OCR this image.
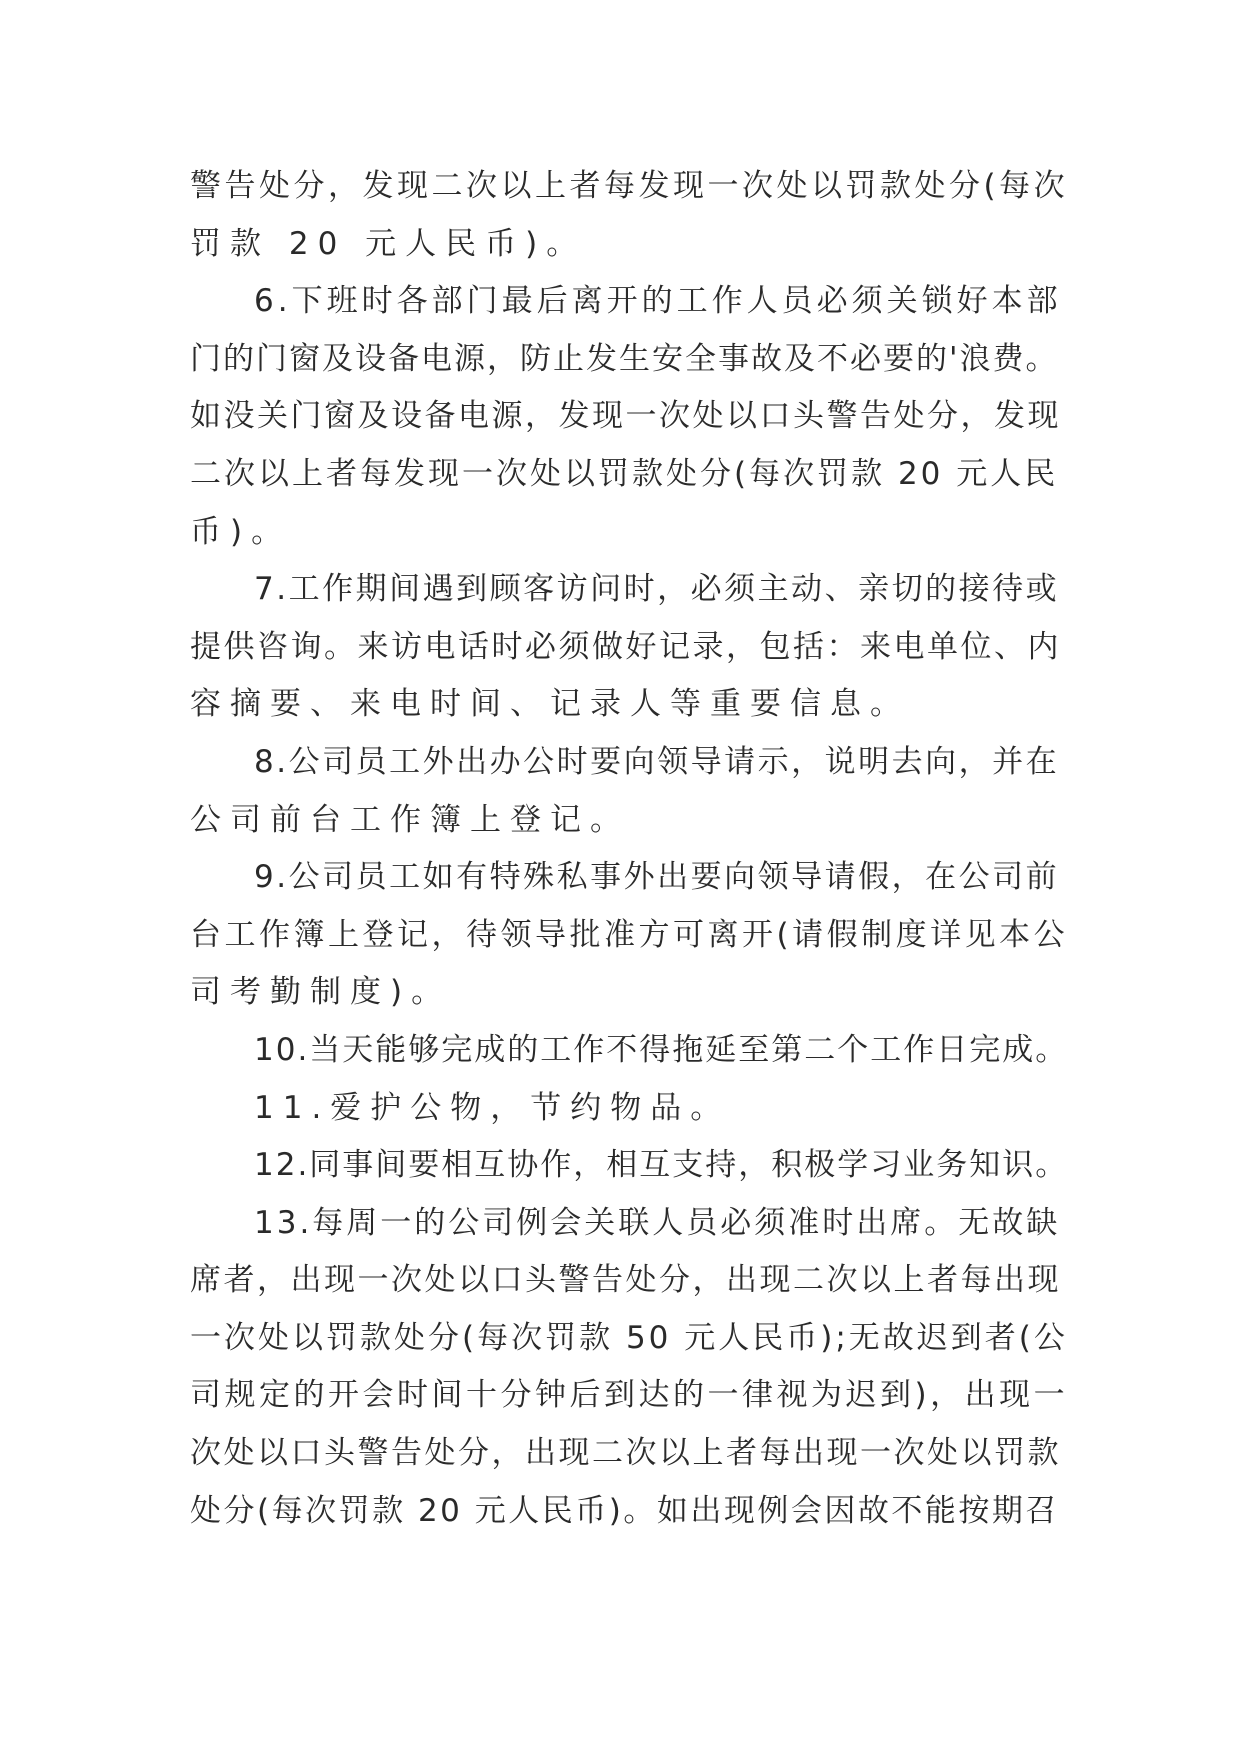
警告处分，发现二次以上者每发现一次处以罚款处分(每次
罚款 20 元人民币)。
6.下班时各部门最后离开的工作人员必须关锁好本部
门的门窗及设备电源，防止发生安全事故及不必要的'浪费。
如没关门窗及设备电源，发现一次处以口头警告处分，发现
二次以上者每发现一次处以罚款处分(每次罚款 20 元人民
币)。
7.工作期间遇到顾客访问时，必须主动、亲切的接待或
提供咨询。来访电话时必须做好记录，包括：来电单位、内
容摘要、来电时间、记录人等重要信息。
8.公司员工外出办公时要向领导请示，说明去向，并在
公司前台工作簿上登记。
9.公司员工如有特殊私事外出要向领导请假，在公司前
台工作簿上登记，待领导批准方可离开(请假制度详见本公
司考勤制度)。
10.当天能够完成的工作不得拖延至第二个工作日完成。
11.爱护公物，节约物品。
12.同事间要相互协作，相互支持，积极学习业务知识。
13.每周一的公司例会关联人员必须准时出席。无故缺
席者，出现一次处以口头警告处分，出现二次以上者每出现
一次处以罚款处分(每次罚款 50 元人民币);无故迟到者(公
司规定的开会时间十分钟后到达的一律视为迟到)，出现一
次处以口头警告处分，出现二次以上者每出现一次处以罚款
处分(每次罚款 20 元人民币)。如出现例会因故不能按期召
